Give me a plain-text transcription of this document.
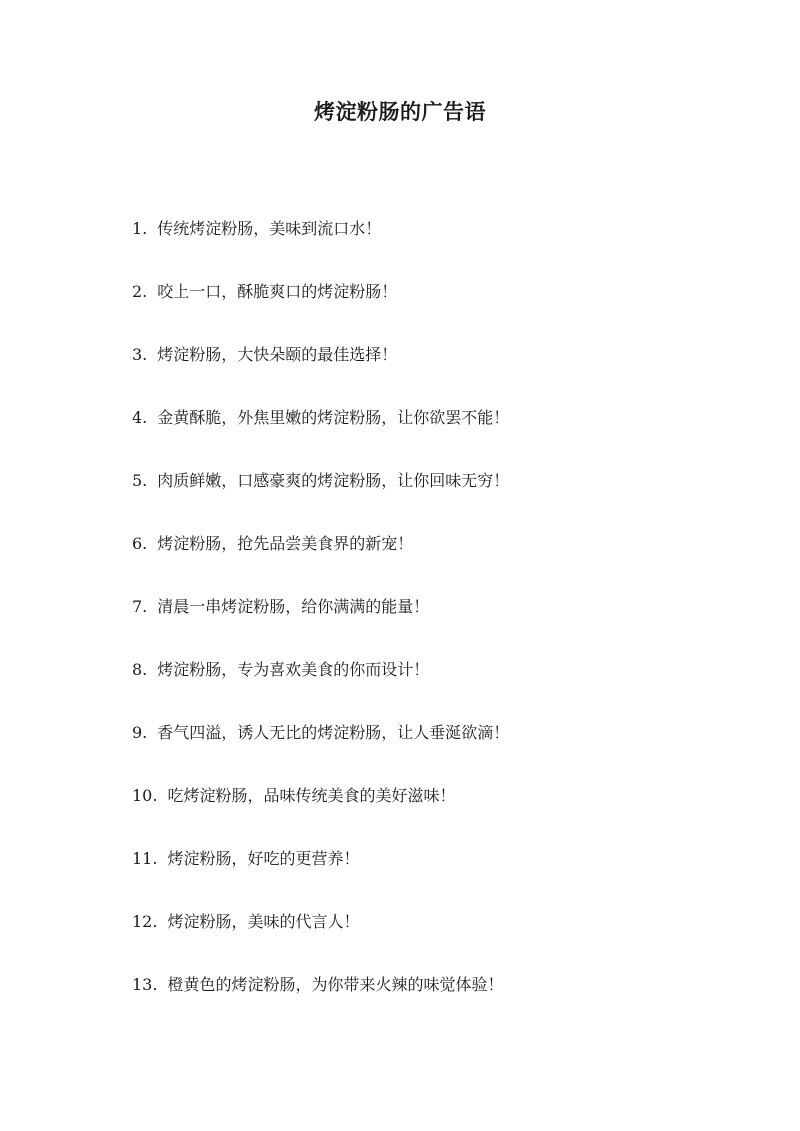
烤淀粉肠的广告语
1. 传统烤淀粉肠，美味到流口水！
2. 咬上一口，酥脆爽口的烤淀粉肠！
3. 烤淀粉肠，大快朵颐的最佳选择！
4. 金黄酥脆，外焦里嫩的烤淀粉肠，让你欲罢不能！
5. 肉质鲜嫩，口感豪爽的烤淀粉肠，让你回味无穷！
6. 烤淀粉肠，抢先品尝美食界的新宠！
7. 清晨一串烤淀粉肠，给你满满的能量！
8. 烤淀粉肠，专为喜欢美食的你而设计！
9. 香气四溢，诱人无比的烤淀粉肠，让人垂涎欲滴！
10. 吃烤淀粉肠，品味传统美食的美好滋味！
11. 烤淀粉肠，好吃的更营养！
12. 烤淀粉肠，美味的代言人！
13. 橙黄色的烤淀粉肠，为你带来火辣的味觉体验！
